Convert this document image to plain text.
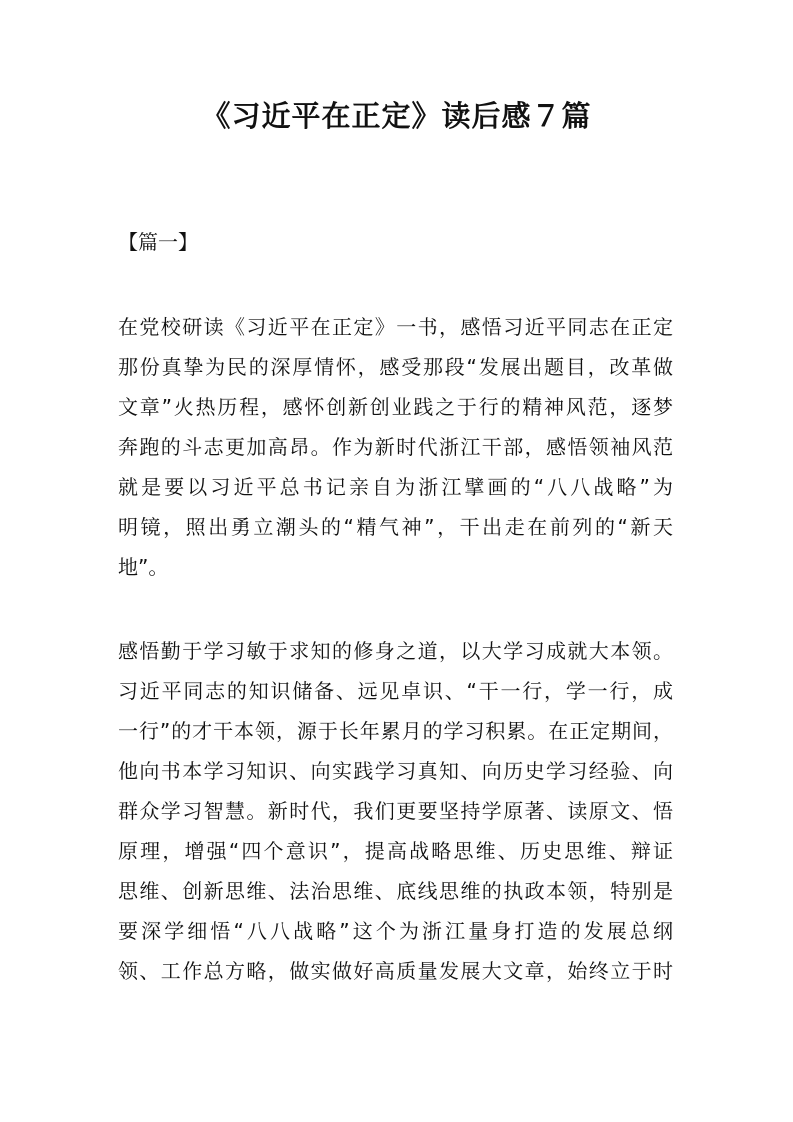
《习近平在正定》读后感７篇
【篇一】
在党校研读《习近平在正定》一书，感悟习近平同志在正定
那份真挚为民的深厚情怀，感受那段“发展出题目，改革做
文章”火热历程，感怀创新创业践之于行的精神风范，逐梦
奔跑的斗志更加高昂。作为新时代浙江干部，感悟领袖风范
就是要以习近平总书记亲自为浙江擘画的“八八战略”为
明镜，照出勇立潮头的“精气神”，干出走在前列的“新天
地”。
感悟勤于学习敏于求知的修身之道，以大学习成就大本领。
习近平同志的知识储备、远见卓识、“干一行，学一行，成
一行”的才干本领，源于长年累月的学习积累。在正定期间，
他向书本学习知识、向实践学习真知、向历史学习经验、向
群众学习智慧。新时代，我们更要坚持学原著、读原文、悟
原理，增强“四个意识”，提高战略思维、历史思维、辩证
思维、创新思维、法治思维、底线思维的执政本领，特别是
要深学细悟“八八战略”这个为浙江量身打造的发展总纲
领、工作总方略，做实做好高质量发展大文章，始终立于时
